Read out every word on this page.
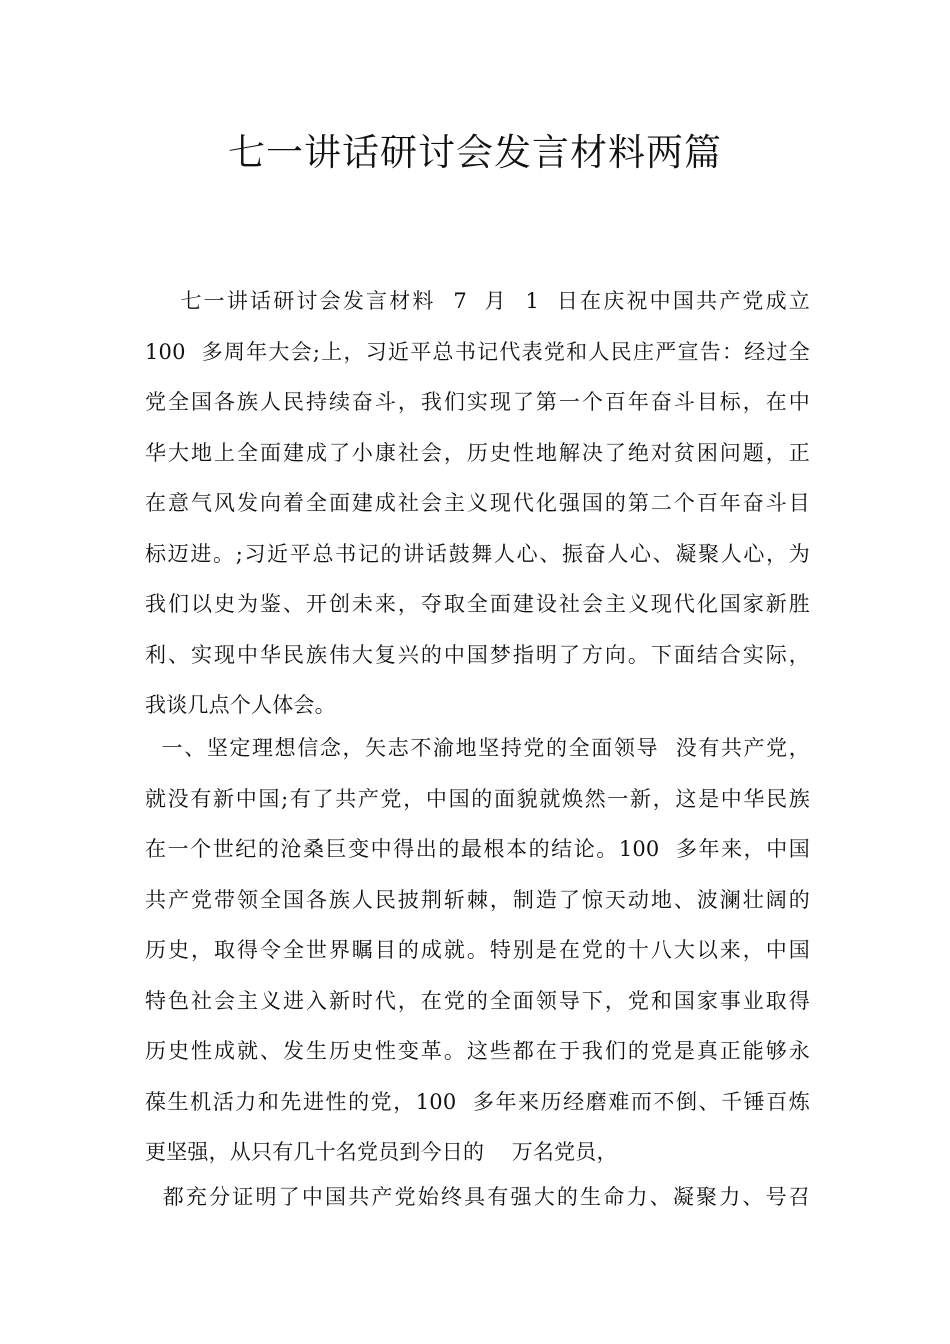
七一讲话研讨会发言材料两篇
七一讲话研讨会发言材料  7  月  1  日在庆祝中国共产党成立
100  多周年大会;上，习近平总书记代表党和人民庄严宣告：经过全
党全国各族人民持续奋斗，我们实现了第一个百年奋斗目标，在中
华大地上全面建成了小康社会，历史性地解决了绝对贫困问题，正
在意气风发向着全面建成社会主义现代化强国的第二个百年奋斗目
标迈进。;习近平总书记的讲话鼓舞人心、振奋人心、凝聚人心，为
我们以史为鉴、开创未来，夺取全面建设社会主义现代化国家新胜
利、实现中华民族伟大复兴的中国梦指明了方向。下面结合实际，
我谈几点个人体会。
一、坚定理想信念，矢志不渝地坚持党的全面领导  没有共产党，
就没有新中国;有了共产党，中国的面貌就焕然一新，这是中华民族
在一个世纪的沧桑巨变中得出的最根本的结论。100  多年来，中国
共产党带领全国各族人民披荆斩棘，制造了惊天动地、波澜壮阔的
历史，取得令全世界瞩目的成就。特别是在党的十八大以来，中国
特色社会主义进入新时代，在党的全面领导下，党和国家事业取得
历史性成就、发生历史性变革。这些都在于我们的党是真正能够永
葆生机活力和先进性的党，100  多年来历经磨难而不倒、千锤百炼
更坚强，从只有几十名党员到今日的    万名党员，
都充分证明了中国共产党始终具有强大的生命力、凝聚力、号召
